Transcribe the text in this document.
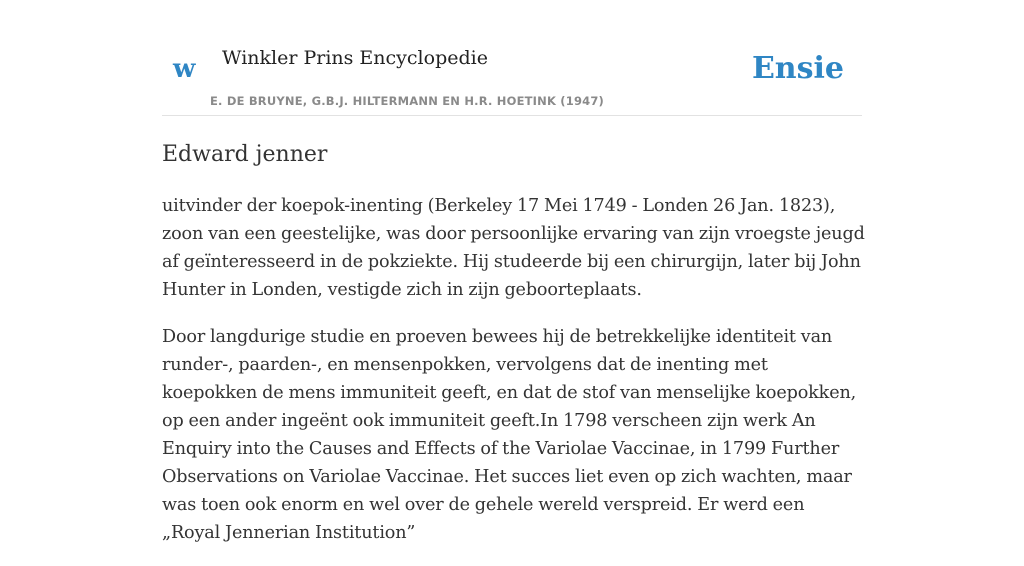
w Winkler Prins Encyclopedie
E. DE BRUYNE, G.B.J. HILTERMANN EN H.R. HOETINK (1947)
Ensie
Edward jenner

uitvinder der koepok-inenting (Berkeley 17 Mei 1749 - Londen 26 Jan. 1823), zoon van een geestelijke, was door persoonlijke ervaring van zijn vroegste jeugd af geïnteresseerd in de pokziekte. Hij studeerde bij een chirurgijn, later bij John Hunter in Londen, vestigde zich in zijn geboorteplaats.

Door langdurige studie en proeven bewees hij de betrekkelijke identiteit van runder-, paarden-, en mensenpokken, vervolgens dat de inenting met koepokken de mens immuniteit geeft, en dat de stof van menselijke koepokken, op een ander ingeënt ook immuniteit geeft.In 1798 verscheen zijn werk An Enquiry into the Causes and Effects of the Variolae Vaccinae, in 1799 Further Observations on Variolae Vaccinae. Het succes liet even op zich wachten, maar was toen ook enorm en wel over de gehele wereld verspreid. Er werd een „Royal Jennerian Institution”
